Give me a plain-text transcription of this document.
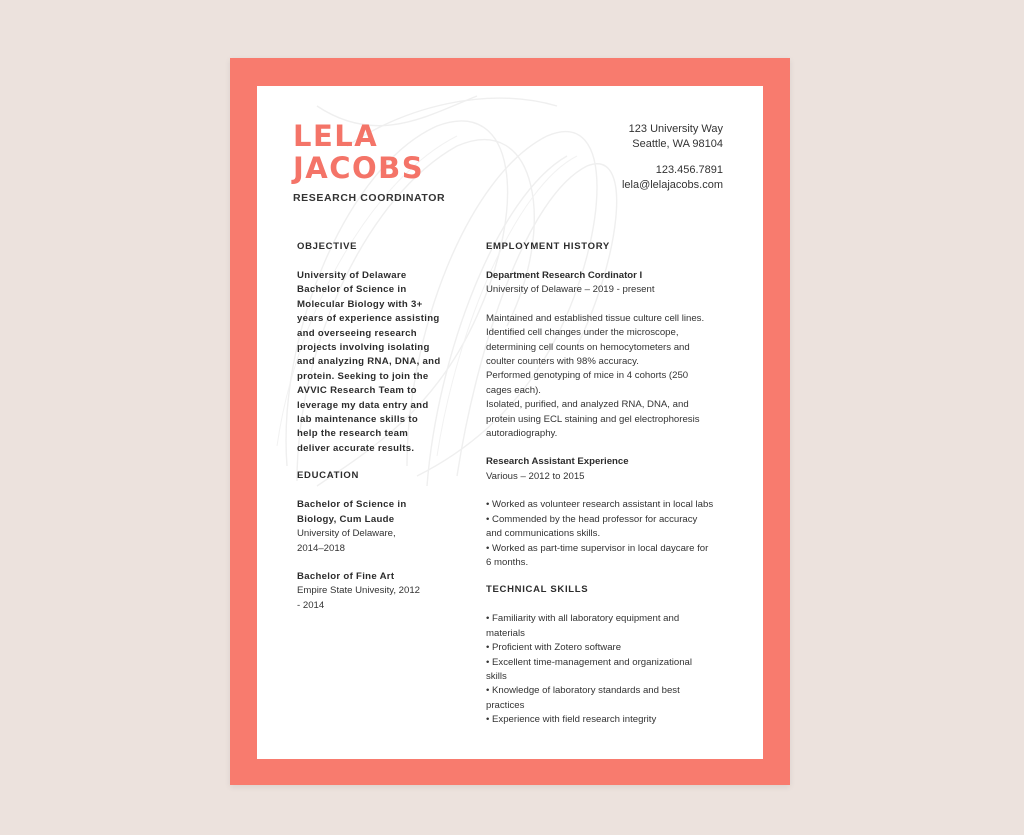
LELA
JACOBS
RESEARCH COORDINATOR
123 University Way
Seattle, WA 98104
123.456.7891
lela@lelajacobs.com
OBJECTIVE
University of Delaware
Bachelor of Science in
Molecular Biology with 3+
years of experience assisting
and overseeing research
projects involving isolating
and analyzing RNA, DNA, and
protein. Seeking to join the
AVVIC Research Team to
leverage my data entry and
lab maintenance skills to
help the research team
deliver accurate results.
EDUCATION
Bachelor of Science in
Biology, Cum Laude
University of Delaware,
2014–2018
Bachelor of Fine Art
Empire State Univesity, 2012
- 2014
EMPLOYMENT HISTORY
Department Research Cordinator I
University of Delaware – 2019 - present
Maintained and established tissue culture cell lines.
Identified cell changes under the microscope,
determining cell counts on hemocytometers and
coulter counters with 98% accuracy.
Performed genotyping of mice in 4 cohorts (250
cages each).
Isolated, purified, and analyzed RNA, DNA, and
protein using ECL staining and gel electrophoresis
autoradiography.
Research Assistant Experience
Various – 2012 to 2015
• Worked as volunteer research assistant in local labs
• Commended by the head professor for accuracy
and communications skills.
• Worked as part-time supervisor in local daycare for
6 months.
TECHNICAL SKILLS
• Familiarity with all laboratory equipment and
materials
• Proficient with Zotero software
• Excellent time-management and organizational
skills
• Knowledge of laboratory standards and best
practices
• Experience with field research integrity
